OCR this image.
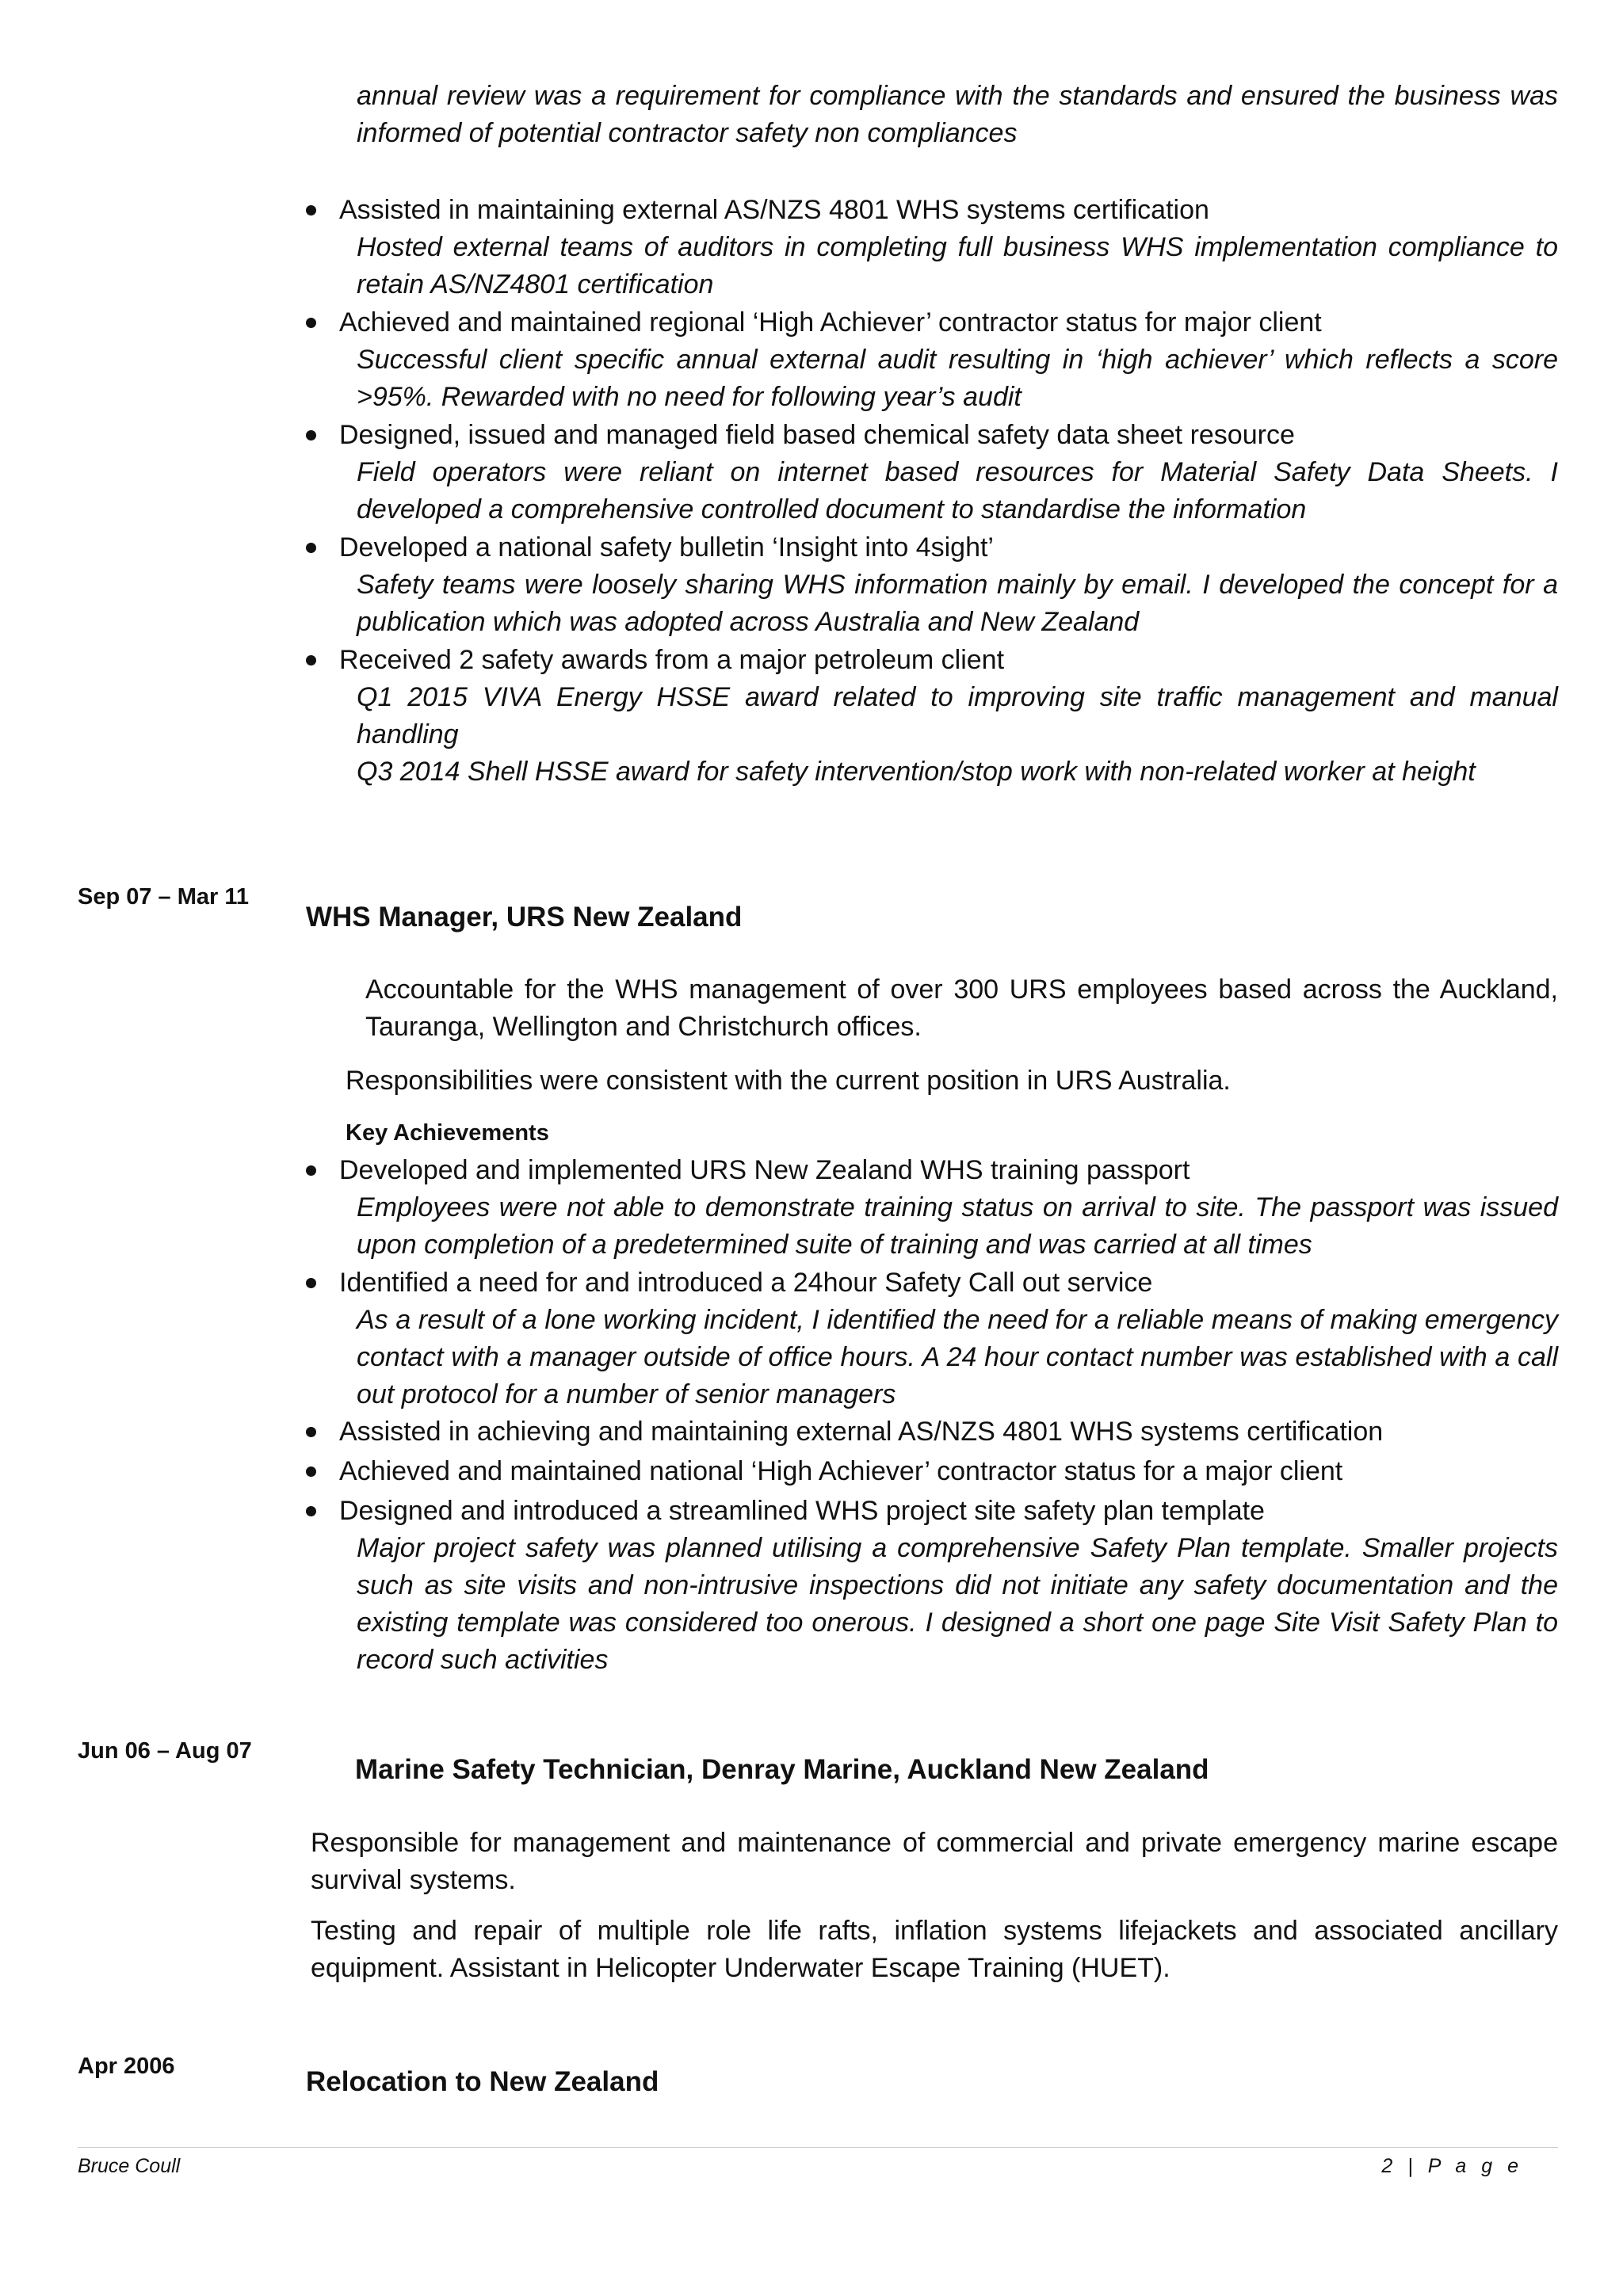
annual review was a requirement for compliance with the standards and ensured the business was informed of potential contractor safety non compliances
Assisted in maintaining external AS/NZS 4801 WHS systems certification
Hosted external teams of auditors in completing full business WHS implementation compliance to retain AS/NZ4801 certification
Achieved and maintained regional ‘High Achiever’ contractor status for major client
Successful client specific annual external audit resulting in ‘high achiever’ which reflects a score >95%. Rewarded with no need for following year’s audit
Designed, issued and managed field based chemical safety data sheet resource
Field operators were reliant on internet based resources for Material Safety Data Sheets. I developed a comprehensive controlled document to standardise the information
Developed a national safety bulletin ‘Insight into 4sight’
Safety teams were loosely sharing WHS information mainly by email. I developed the concept for a publication which was adopted across Australia and New Zealand
Received 2 safety awards from a major petroleum client
Q1 2015 VIVA Energy HSSE award related to improving site traffic management and manual handling
Q3 2014 Shell HSSE award for safety intervention/stop work with non-related worker at height
Sep 07 – Mar 11
WHS Manager, URS New Zealand
Accountable for the WHS management of over 300 URS employees based across the Auckland, Tauranga, Wellington and Christchurch offices.
Responsibilities were consistent with the current position in URS Australia.
Key Achievements
Developed and implemented URS New Zealand WHS training passport
Employees were not able to demonstrate training status on arrival to site. The passport was issued upon completion of a predetermined suite of training and was carried at all times
Identified a need for and introduced a 24hour Safety Call out service
As a result of a lone working incident, I identified the need for a reliable means of making emergency contact with a manager outside of office hours. A 24 hour contact number was established with a call out protocol for a number of senior managers
Assisted in achieving and maintaining external AS/NZS 4801 WHS systems certification
Achieved and maintained national ‘High Achiever’ contractor status for a major client
Designed and introduced a streamlined WHS project site safety plan template
Major project safety was planned utilising a comprehensive Safety Plan template. Smaller projects such as site visits and non-intrusive inspections did not initiate any safety documentation and the existing template was considered too onerous. I designed a short one page Site Visit Safety Plan to record such activities
Jun 06 – Aug 07
Marine Safety Technician, Denray Marine, Auckland New Zealand
Responsible for management and maintenance of commercial and private emergency marine escape survival systems.
Testing and repair of multiple role life rafts, inflation systems lifejackets and associated ancillary equipment. Assistant in Helicopter Underwater Escape Training (HUET).
Apr 2006	Relocation to New Zealand
Bruce Coull	2 | P a g e
